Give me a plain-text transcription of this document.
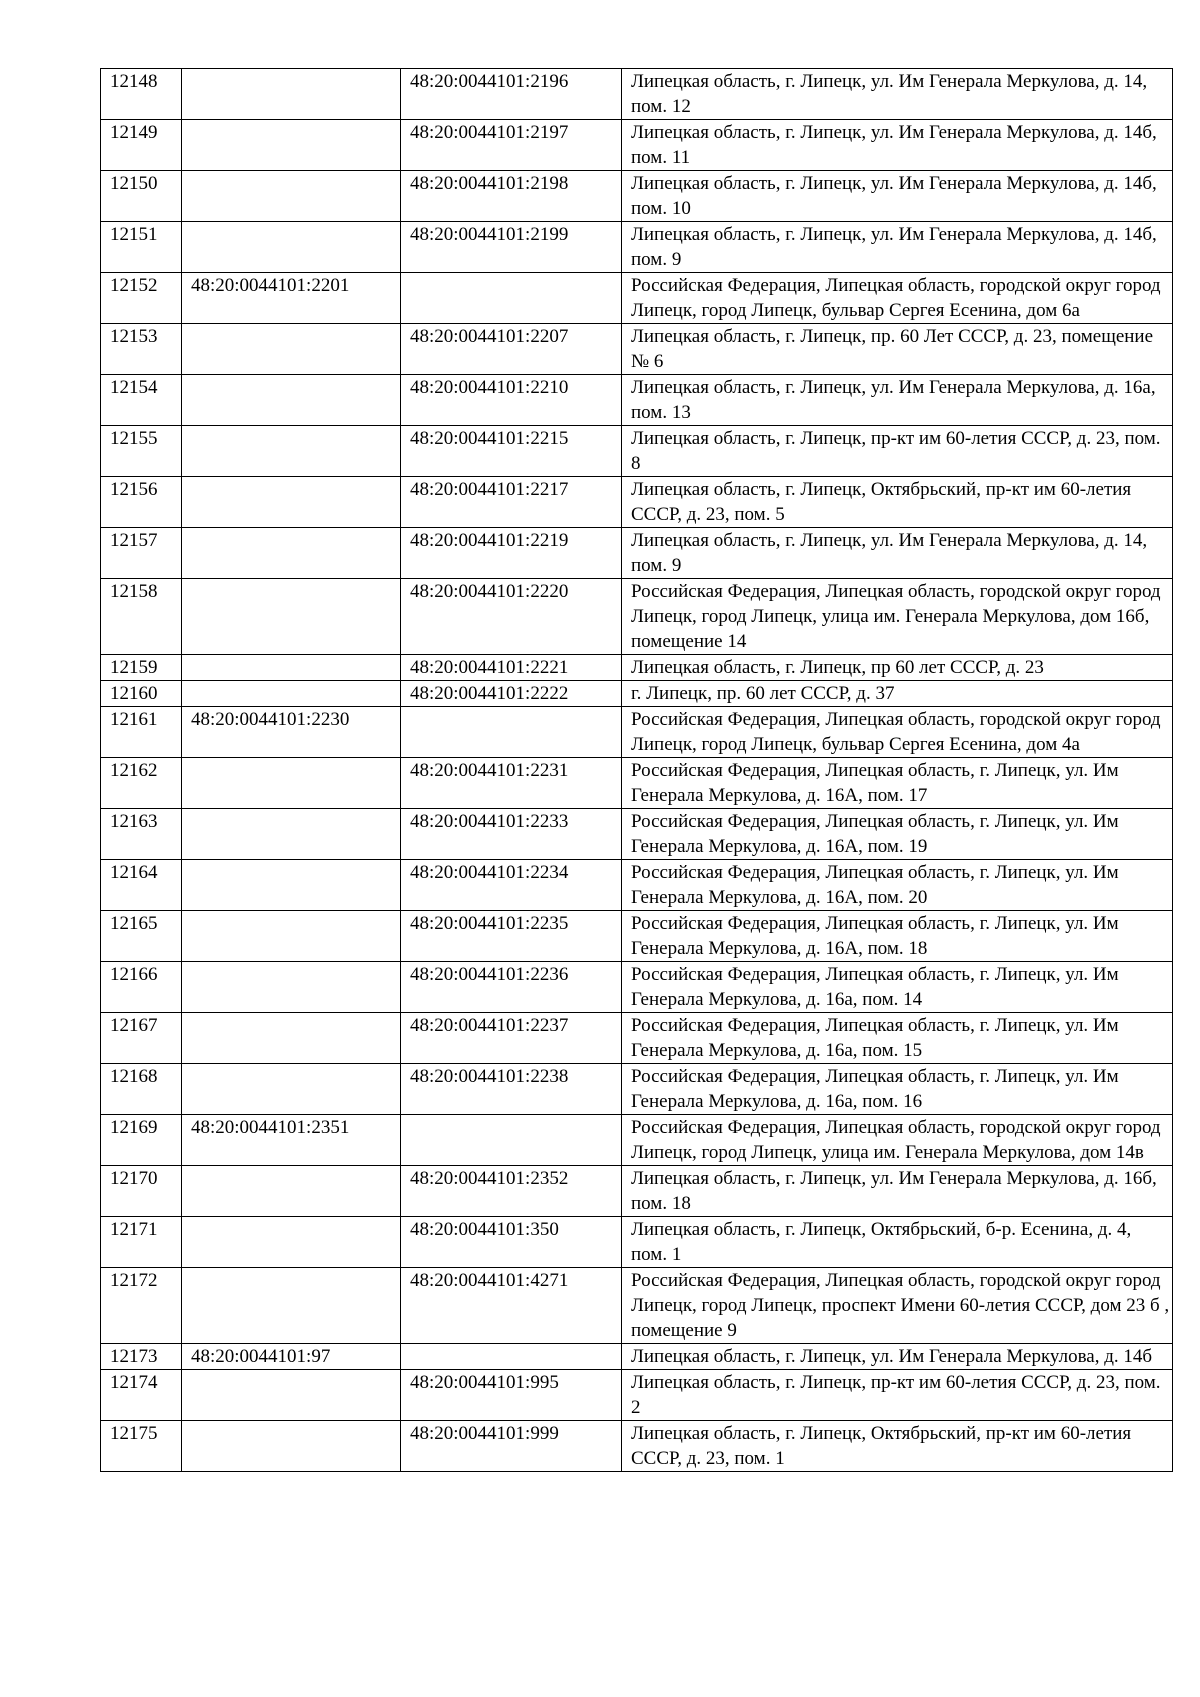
12148		48:20:0044101:2196	Липецкая область, г. Липецк, ул. Им Генерала Меркулова, д. 14, пом. 12
12149		48:20:0044101:2197	Липецкая область, г. Липецк, ул. Им Генерала Меркулова, д. 14б, пом. 11
12150		48:20:0044101:2198	Липецкая область, г. Липецк, ул. Им Генерала Меркулова, д. 14б, пом. 10
12151		48:20:0044101:2199	Липецкая область, г. Липецк, ул. Им Генерала Меркулова, д. 14б, пом. 9
12152	48:20:0044101:2201		Российская Федерация, Липецкая область, городской округ город Липецк, город Липецк, бульвар Сергея Есенина, дом 6а
12153		48:20:0044101:2207	Липецкая область, г. Липецк, пр. 60 Лет СССР, д. 23, помещение № 6
12154		48:20:0044101:2210	Липецкая область, г. Липецк, ул. Им Генерала Меркулова, д. 16а, пом. 13
12155		48:20:0044101:2215	Липецкая область, г. Липецк, пр-кт им 60-летия СССР, д. 23, пом. 8
12156		48:20:0044101:2217	Липецкая область, г. Липецк, Октябрьский, пр-кт им 60-летия СССР, д. 23, пом. 5
12157		48:20:0044101:2219	Липецкая область, г. Липецк, ул. Им Генерала Меркулова, д. 14, пом. 9
12158		48:20:0044101:2220	Российская Федерация, Липецкая область, городской округ город Липецк, город Липецк, улица им. Генерала Меркулова, дом 16б, помещение 14
12159		48:20:0044101:2221	Липецкая область, г. Липецк, пр 60 лет СССР, д. 23
12160		48:20:0044101:2222	г. Липецк, пр. 60 лет СССР, д. 37
12161	48:20:0044101:2230		Российская Федерация, Липецкая область, городской округ город Липецк, город Липецк, бульвар Сергея Есенина, дом 4а
12162		48:20:0044101:2231	Российская Федерация, Липецкая область, г. Липецк, ул. Им Генерала Меркулова, д. 16А, пом. 17
12163		48:20:0044101:2233	Российская Федерация, Липецкая область, г. Липецк, ул. Им Генерала Меркулова, д. 16А, пом. 19
12164		48:20:0044101:2234	Российская Федерация, Липецкая область, г. Липецк, ул. Им Генерала Меркулова, д. 16А, пом. 20
12165		48:20:0044101:2235	Российская Федерация, Липецкая область, г. Липецк, ул. Им Генерала Меркулова, д. 16А, пом. 18
12166		48:20:0044101:2236	Российская Федерация, Липецкая область, г. Липецк, ул. Им Генерала Меркулова, д. 16а, пом. 14
12167		48:20:0044101:2237	Российская Федерация, Липецкая область, г. Липецк, ул. Им Генерала Меркулова, д. 16а, пом. 15
12168		48:20:0044101:2238	Российская Федерация, Липецкая область, г. Липецк, ул. Им Генерала Меркулова, д. 16а, пом. 16
12169	48:20:0044101:2351		Российская Федерация, Липецкая область, городской округ город Липецк, город Липецк, улица им. Генерала Меркулова, дом 14в
12170		48:20:0044101:2352	Липецкая область, г. Липецк, ул. Им Генерала Меркулова, д. 16б, пом. 18
12171		48:20:0044101:350	Липецкая область, г. Липецк, Октябрьский, б-р. Есенина, д. 4, пом. 1
12172		48:20:0044101:4271	Российская Федерация, Липецкая область, городской округ город Липецк, город Липецк, проспект Имени 60-летия СССР, дом 23 б , помещение 9
12173	48:20:0044101:97		Липецкая область, г. Липецк, ул. Им Генерала Меркулова, д. 14б
12174		48:20:0044101:995	Липецкая область, г. Липецк, пр-кт им 60-летия СССР, д. 23, пом. 2
12175		48:20:0044101:999	Липецкая область, г. Липецк, Октябрьский, пр-кт им 60-летия СССР, д. 23, пом. 1
